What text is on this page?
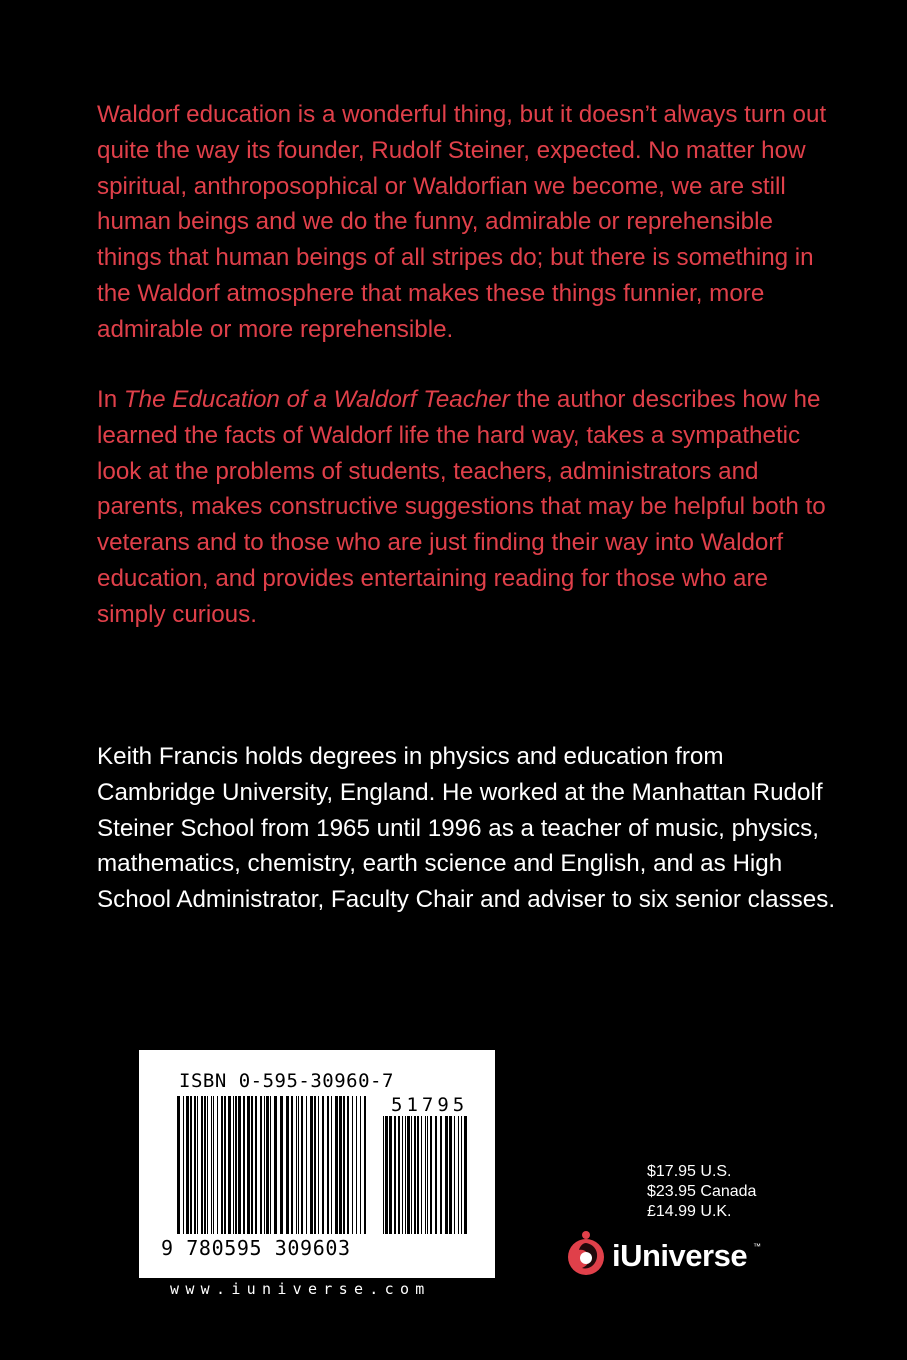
Waldorf education is a wonderful thing, but it doesn’t always turn out quite the way its founder, Rudolf Steiner, expected. No matter how spiritual, anthroposophical or Waldorfian we become, we are still human beings and we do the funny, admirable or reprehensible things that human beings of all stripes do; but there is something in the Waldorf atmosphere that makes these things funnier, more admirable or more reprehensible.

In The Education of a Waldorf Teacher the author describes how he learned the facts of Waldorf life the hard way, takes a sympathetic look at the problems of students, teachers, administrators and parents, makes constructive suggestions that may be helpful both to veterans and to those who are just finding their way into Waldorf education, and provides entertaining reading for those who are simply curious.

Keith Francis holds degrees in physics and education from Cambridge University, England. He worked at the Manhattan Rudolf Steiner School from 1965 until 1996 as a teacher of music, physics, mathematics, chemistry, earth science and English, and as High School Administrator, Faculty Chair and adviser to six senior classes.

ISBN 0-595-30960-7
51795
9 780595 309603
www.iuniverse.com
$17.95 U.S.
$23.95 Canada
£14.99 U.K.
iUniverse ™
